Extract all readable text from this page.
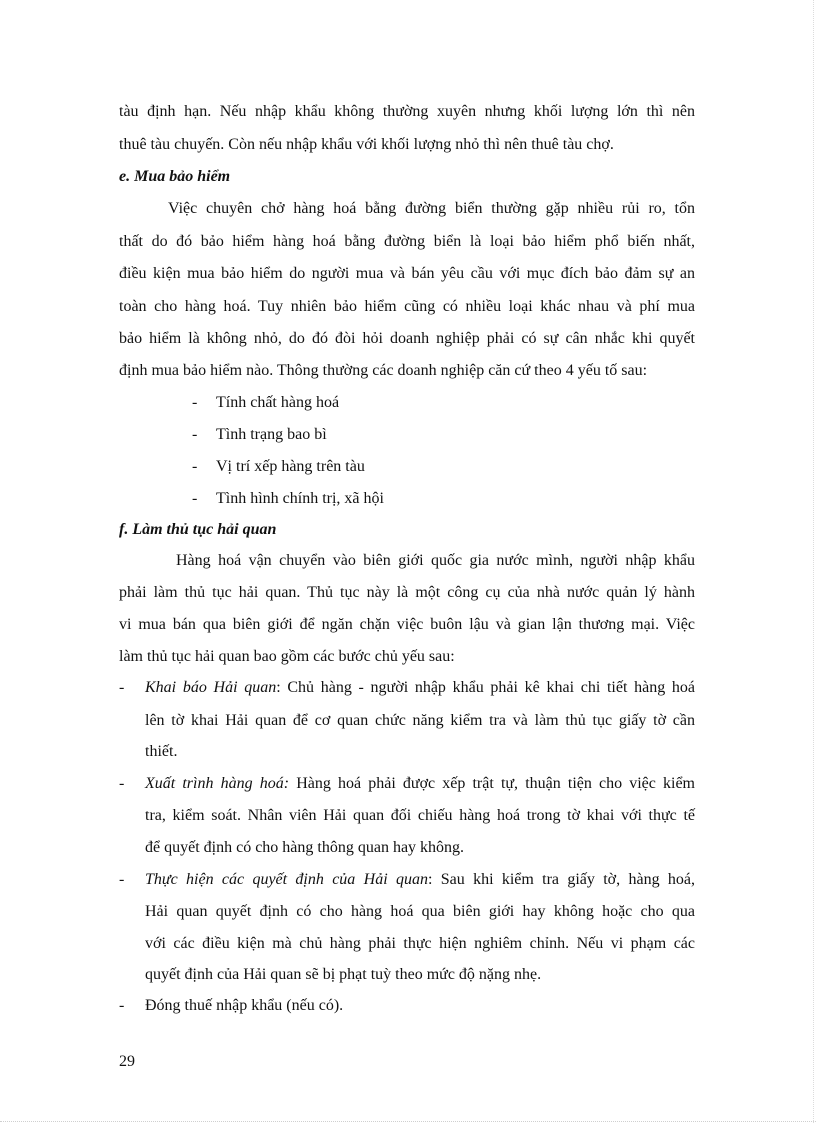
tàu định hạn. Nếu nhập khẩu không thường xuyên nhưng khối lượng lớn thì nên
thuê tàu chuyến. Còn nếu nhập khẩu với khối lượng nhỏ thì nên thuê tàu chợ.
e. Mua bảo hiểm
Việc chuyên chở hàng hoá bằng đường biển thường gặp nhiều rủi ro, tổn
thất do đó bảo hiểm hàng hoá bằng đường biển là loại bảo hiểm phổ biến nhất,
điều kiện mua bảo hiểm do người mua và bán yêu cầu với mục đích bảo đảm sự an
toàn cho hàng hoá. Tuy nhiên bảo hiểm cũng có nhiều loại khác nhau và phí mua
bảo hiểm là không nhỏ, do đó đòi hỏi doanh nghiệp phải có sự cân nhắc khi quyết
định mua bảo hiểm nào. Thông thường các doanh nghiệp căn cứ theo 4 yếu tố sau:
- Tính chất hàng hoá
- Tình trạng bao bì
- Vị trí xếp hàng trên tàu
- Tình hình chính trị, xã hội
f. Làm thủ tục hải quan
Hàng hoá vận chuyển vào biên giới quốc gia nước mình, người nhập khẩu
phải làm thủ tục hải quan. Thủ tục này là một công cụ của nhà nước quản lý hành
vi mua bán qua biên giới để ngăn chặn việc buôn lậu và gian lận thương mại. Việc
làm thủ tục hải quan bao gồm các bước chủ yếu sau:
- Khai báo Hải quan: Chủ hàng - người nhập khẩu phải kê khai chi tiết hàng hoá
lên tờ khai Hải quan để cơ quan chức năng kiểm tra và làm thủ tục giấy tờ cần
thiết.
- Xuất trình hàng hoá: Hàng hoá phải được xếp trật tự, thuận tiện cho việc kiểm
tra, kiểm soát. Nhân viên Hải quan đối chiếu hàng hoá trong tờ khai với thực tế
để quyết định có cho hàng thông quan hay không.
- Thực hiện các quyết định của Hải quan: Sau khi kiểm tra giấy tờ, hàng hoá,
Hải quan quyết định có cho hàng hoá qua biên giới hay không hoặc cho qua
với các điều kiện mà chủ hàng phải thực hiện nghiêm chỉnh. Nếu vi phạm các
quyết định của Hải quan sẽ bị phạt tuỳ theo mức độ nặng nhẹ.
- Đóng thuế nhập khẩu (nếu có).
29
